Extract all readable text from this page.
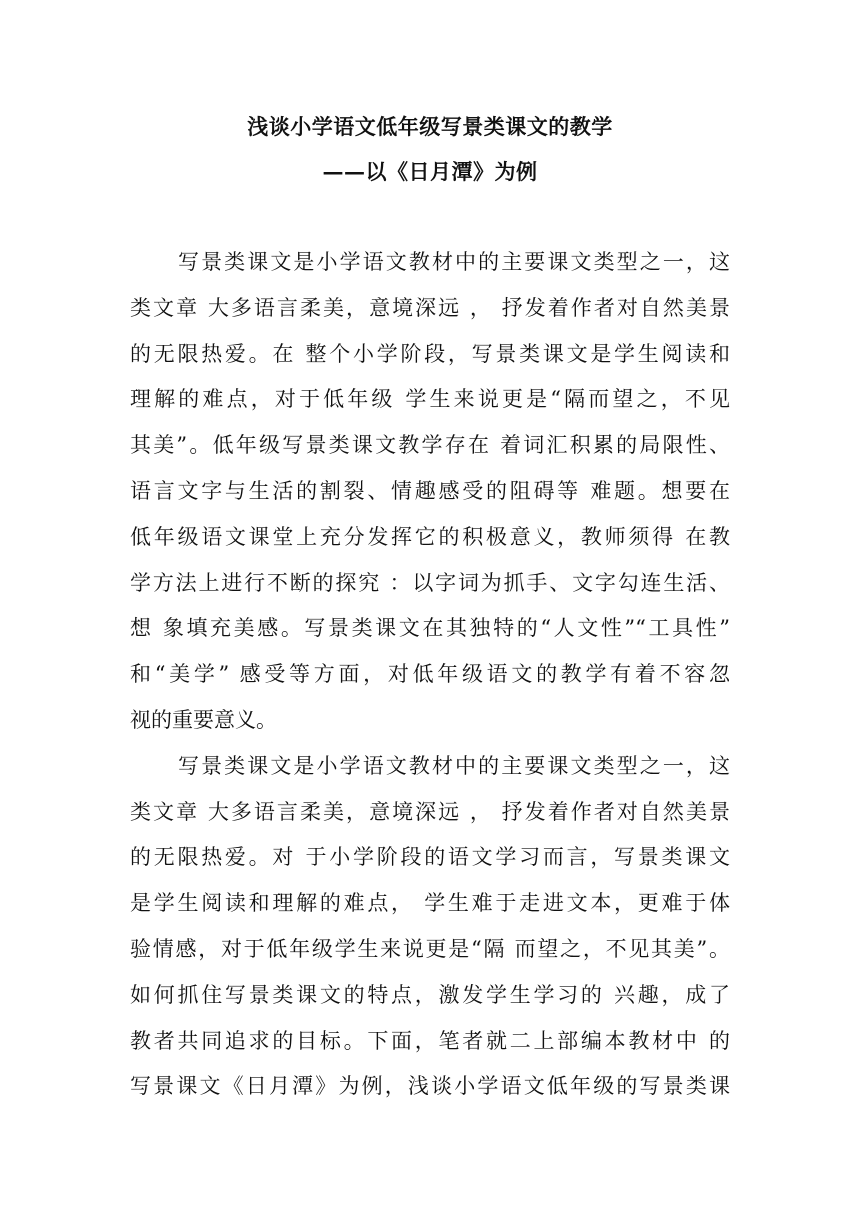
浅谈小学语文低年级写景类课文的教学
——以《日月潭》为例
写景类课文是小学语文教材中的主要课文类型之一，这
类文章 大多语言柔美，意境深远 ， 抒发着作者对自然美景
的无限热爱。在 整个小学阶段，写景类课文是学生阅读和
理解的难点，对于低年级 学生来说更是“隔而望之，不见
其美”。低年级写景类课文教学存在 着词汇积累的局限性、
语言文字与生活的割裂、情趣感受的阻碍等 难题。想要在
低年级语文课堂上充分发挥它的积极意义，教师须得 在教
学方法上进行不断的探究 ：以字词为抓手、文字勾连生活、
想 象填充美感。写景类课文在其独特的“人文性”“工具性”
和“美学” 感受等方面，对低年级语文的教学有着不容忽
视的重要意义。
写景类课文是小学语文教材中的主要课文类型之一，这
类文章 大多语言柔美，意境深远 ， 抒发着作者对自然美景
的无限热爱。对 于小学阶段的语文学习而言，写景类课文
是学生阅读和理解的难点， 学生难于走进文本，更难于体
验情感，对于低年级学生来说更是“隔 而望之，不见其美”。
如何抓住写景类课文的特点，激发学生学习的 兴趣，成了
教者共同追求的目标。下面，笔者就二上部编本教材中 的
写景课文《日月潭》为例，浅谈小学语文低年级的写景类课
